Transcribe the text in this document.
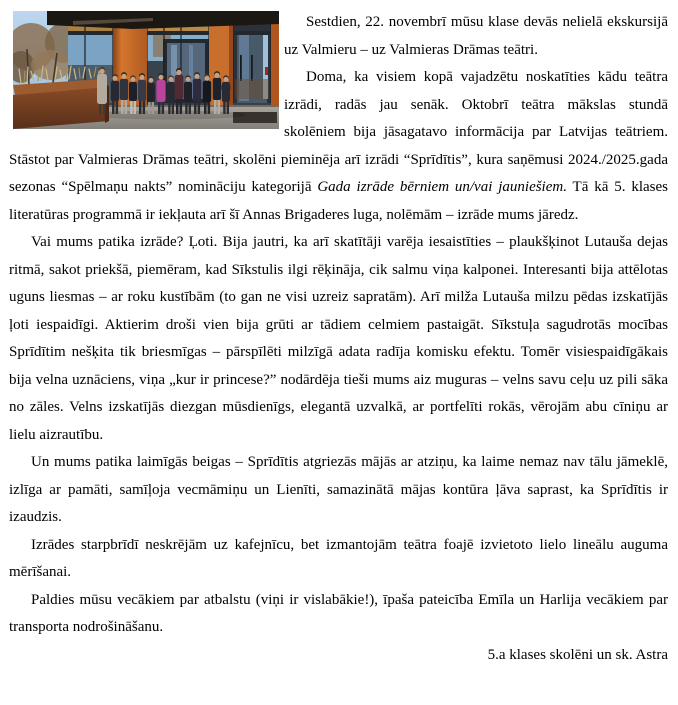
Sestdien, 22. novembrī mūsu klase devās nelielā ekskursijā uz Valmieru – uz Valmieras Drāmas teātri.

Doma, ka visiem kopā vajadzētu noskatīties kādu teātra izrādi, radās jau senāk. Oktobrī teātra mākslas stundā skolēniem bija jāsagatavo informācija par Latvijas teātriem. Stāstot par Valmieras Drāmas teātri, skolēni pieminēja arī izrādi “Sprīdītis”, kura saņēmusi 2024./2025.gada sezonas “Spēlmaņu nakts” nomināciju kategorijā Gada izrāde bērniem un/vai jauniešiem. Tā kā 5. klases literatūras programmā ir iekļauta arī šī Annas Brigaderes luga, nolēmām – izrāde mums jāredz.

Vai mums patika izrāde? Ļoti. Bija jautri, ka arī skatītāji varēja iesaistīties – plaukšķinot Lutauša dejas ritmā, sakot priekšā, piemēram, kad Sīkstulis ilgi rēķināja, cik salmu viņa kalponei. Interesanti bija attēlotas uguns liesmas – ar roku kustībām (to gan ne visi uzreiz sapratām). Arī milža Lutauša milzu pēdas izskatījās ļoti iespaidīgi. Aktierim droši vien bija grūti ar tādiem celmiem pastaigāt. Sīkstuļa sagudrotās mocības Sprīdītim nešķita tik briesmīgas – pārspīlēti milzīgā adata radīja komisku efektu. Tomēr visiespaidīgākais bija velna uznāciens, viņa „kur ir princese?” nodārdēja tieši mums aiz muguras – velns savu ceļu uz pili sāka no zāles. Velns izskatījās diezgan mūsdienīgs, elegantā uzvalkā, ar portfelīti rokās, vērojām abu cīniņu ar lielu aizrautību.

Un mums patika laimīgās beigas – Sprīdītis atgriezās mājās ar atziņu, ka laime nemaz nav tālu jāmeklē, izlīga ar pamāti, samīļoja vecmāmiņu un Lienīti, samazinātā mājas kontūra ļāva saprast, ka Sprīdītis ir izaudzis.

Izrādes starpbrīdī neskrējām uz kafejnīcu, bet izmantojām teātra foajē izvietoto lielo lineālu auguma mērīšanai.

Paldies mūsu vecākiem par atbalstu (viņi ir vislabākie!), īpaša pateicība Emīla un Harlija vecākiem par transporta nodrošināšanu.

5.a klases skolēni un sk. Astra
